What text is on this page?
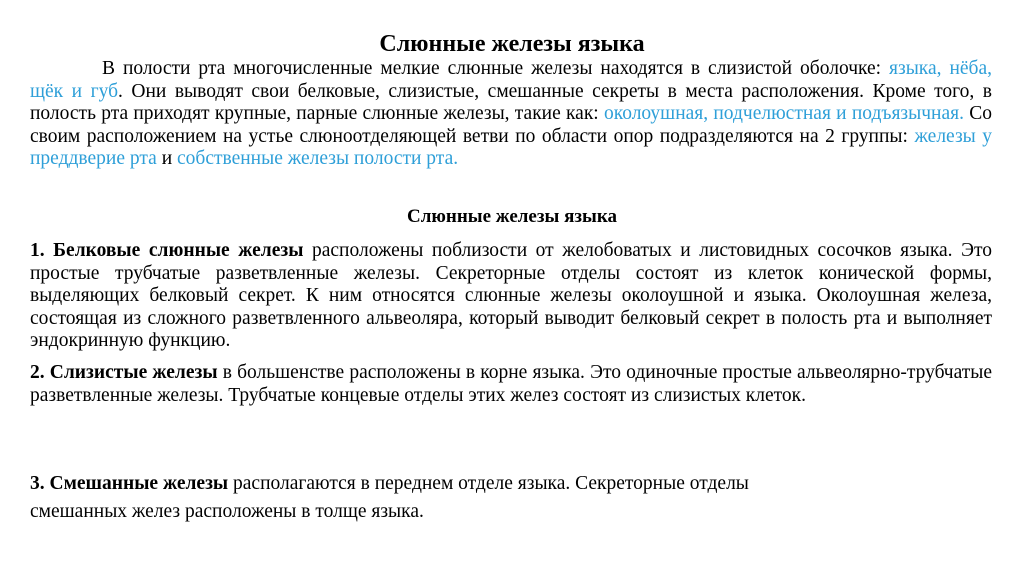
Слюнные железы языка
В полости рта многочисленные мелкие слюнные железы находятся в слизистой оболочке: языка, нёба, щёк и губ. Они выводят свои белковые, слизистые, смешанные секреты в места расположения. Кроме того, в полость рта приходят крупные, парные слюнные железы, такие как: околоушная, подчелюстная и подъязычная. Со своим расположением на устье слюноотделяющей ветви по области опор подразделяются на 2 группы: железы у преддверие рта и собственные железы полости рта.
Слюнные железы языка
1. Белковые слюнные железы расположены поблизости от желобоватых и листовидных сосочков языка. Это простые трубчатые разветвленные железы. Секреторные отделы состоят из клеток конической формы, выделяющих белковый секрет. К ним относятся слюнные железы околоушной и языка. Околоушная железа, состоящая из сложного разветвленного альвеоляра, который выводит белковый секрет в полость рта и выполняет эндокринную функцию.
2. Слизистые железы в большенстве расположены в корне языка. Это одиночные простые альвеолярно-трубчатые разветвленные железы. Трубчатые концевые отделы этих желез состоят из слизистых клеток.
3. Смешанные железы располагаются в переднем отделе языка. Секреторные отделы
смешанных желез расположены в толще языка.
